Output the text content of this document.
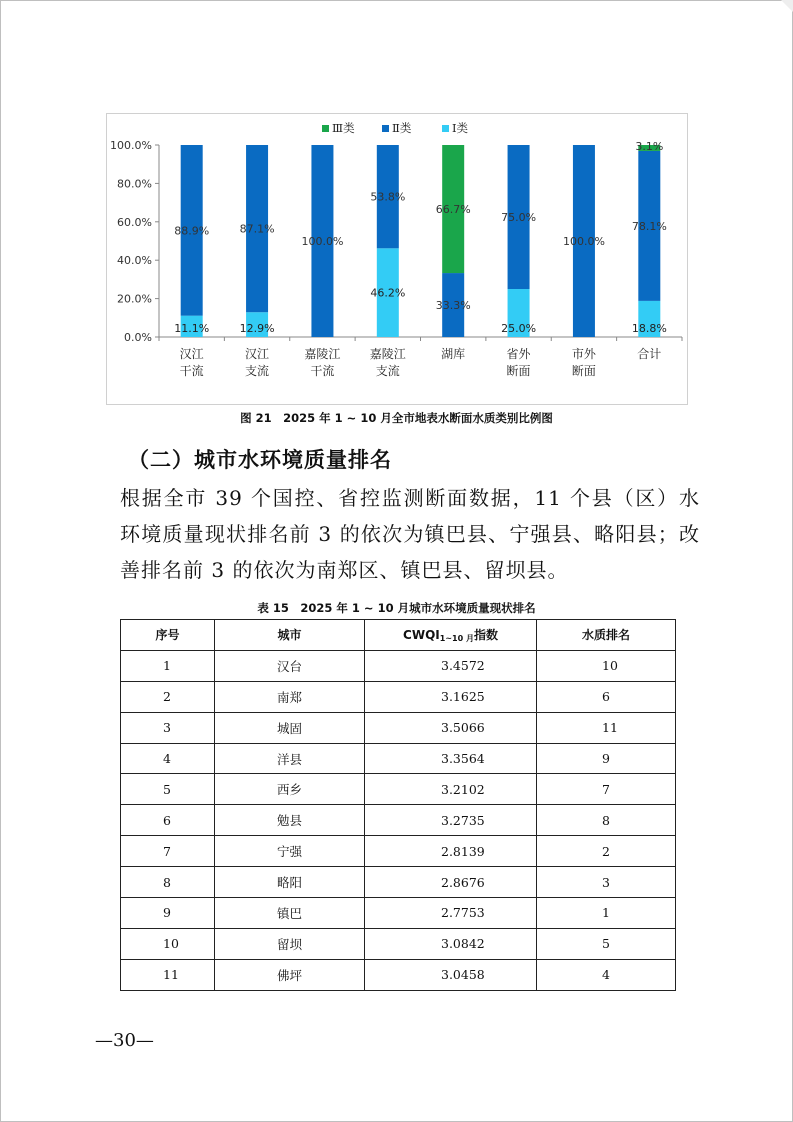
0.0%
20.0%
40.0%
60.0%
80.0%
100.0%
11.1%
88.9%
汉江
干流
12.9%
87.1%
汉江
支流
100.0%
嘉陵江
干流
46.2%
53.8%
嘉陵江
支流
33.3%
66.7%
湖库
25.0%
75.0%
省外
断面
100.0%
市外
断面
18.8%
78.1%
3.1%
合计
Ⅲ类	Ⅱ类	Ⅰ类
图 21　2025 年 1 ~ 10 月全市地表水断面水质类别比例图
（二）城市水环境质量排名
根据全市 39 个国控、省控监测断面数据，11 个县（区）水环境质量现状排名前 3 的依次为镇巴县、宁强县、略阳县；改善排名前 3 的依次为南郑区、镇巴县、留坝县。
表 15　2025 年 1 ~ 10 月城市水环境质量现状排名
序号	城市	$CWQI_{1\sim 10 月}$指数	水质排名
1	汉台	3.4572	10
2	南郑	3.1625	6
3	城固	3.5066	11
4	洋县	3.3564	9
5	西乡	3.2102	7
6	勉县	3.2735	8
7	宁强	2.8139	2
8	略阳	2.8676	3
9	镇巴	2.7753	1
10	留坝	3.0842	5
11	佛坪	3.0458	4
—30—
